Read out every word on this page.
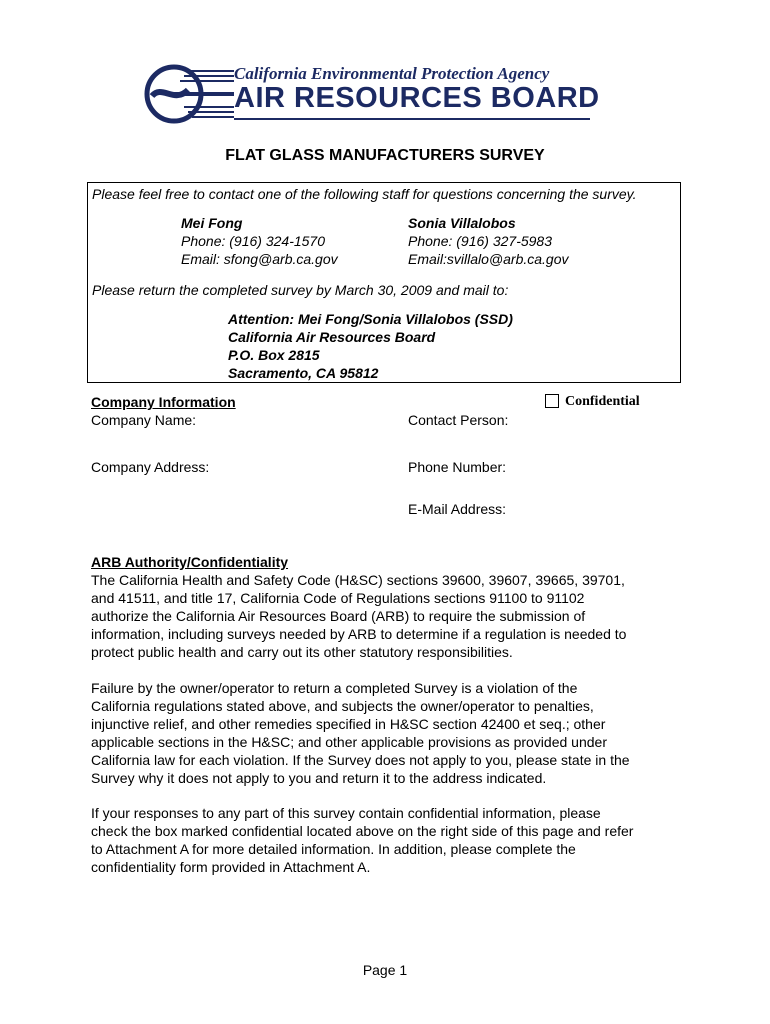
California Environmental Protection Agency
AIR RESOURCES BOARD
FLAT GLASS MANUFACTURERS SURVEY
Please feel free to contact one of the following staff for questions concerning the survey.
Mei Fong
Phone: (916) 324-1570
Email: sfong@arb.ca.gov
Sonia Villalobos
Phone: (916) 327-5983
Email:svillalo@arb.ca.gov
Please return the completed survey by March 30, 2009 and mail to:
Attention: Mei Fong/Sonia Villalobos (SSD)
California Air Resources Board
P.O. Box 2815
Sacramento, CA 95812
Company Information	Confidential
Company Name:	Contact Person:
Company Address:	Phone Number:
E-Mail Address:
ARB Authority/Confidentiality
The California Health and Safety Code (H&SC) sections 39600, 39607, 39665, 39701,
and 41511, and title 17, California Code of Regulations sections 91100 to 91102
authorize the California Air Resources Board (ARB) to require the submission of
information, including surveys needed by ARB to determine if a regulation is needed to
protect public health and carry out its other statutory responsibilities.
Failure by the owner/operator to return a completed Survey is a violation of the
California regulations stated above, and subjects the owner/operator to penalties,
injunctive relief, and other remedies specified in H&SC section 42400 et seq.; other
applicable sections in the H&SC; and other applicable provisions as provided under
California law for each violation. If the Survey does not apply to you, please state in the
Survey why it does not apply to you and return it to the address indicated.
If your responses to any part of this survey contain confidential information, please
check the box marked confidential located above on the right side of this page and refer
to Attachment A for more detailed information. In addition, please complete the
confidentiality form provided in Attachment A.
Page 1
